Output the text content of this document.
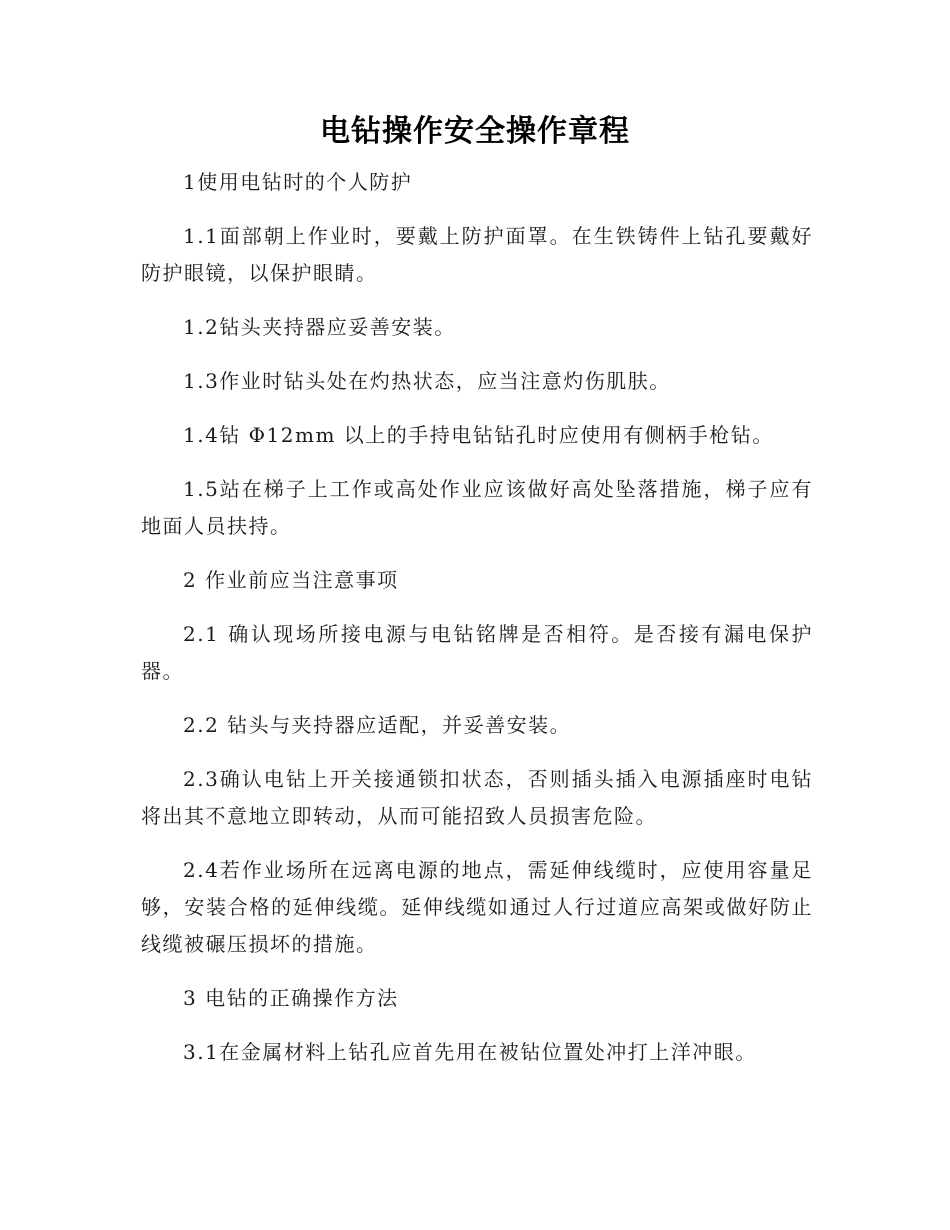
电钻操作安全操作章程

1使用电钻时的个人防护

1.1面部朝上作业时，要戴上防护面罩。在生铁铸件上钻孔要戴好防护眼镜，以保护眼睛。

1.2钻头夹持器应妥善安装。

1.3作业时钻头处在灼热状态，应当注意灼伤肌肤。

1.4钻 Φ12mm 以上的手持电钻钻孔时应使用有侧柄手枪钻。

1.5站在梯子上工作或高处作业应该做好高处坠落措施，梯子应有地面人员扶持。

2 作业前应当注意事项

2.1 确认现场所接电源与电钻铭牌是否相符。是否接有漏电保护器。

2.2 钻头与夹持器应适配，并妥善安装。

2.3确认电钻上开关接通锁扣状态，否则插头插入电源插座时电钻将出其不意地立即转动，从而可能招致人员损害危险。

2.4若作业场所在远离电源的地点，需延伸线缆时，应使用容量足够，安装合格的延伸线缆。延伸线缆如通过人行过道应高架或做好防止线缆被碾压损坏的措施。

3 电钻的正确操作方法

3.1在金属材料上钻孔应首先用在被钻位置处冲打上洋冲眼。
